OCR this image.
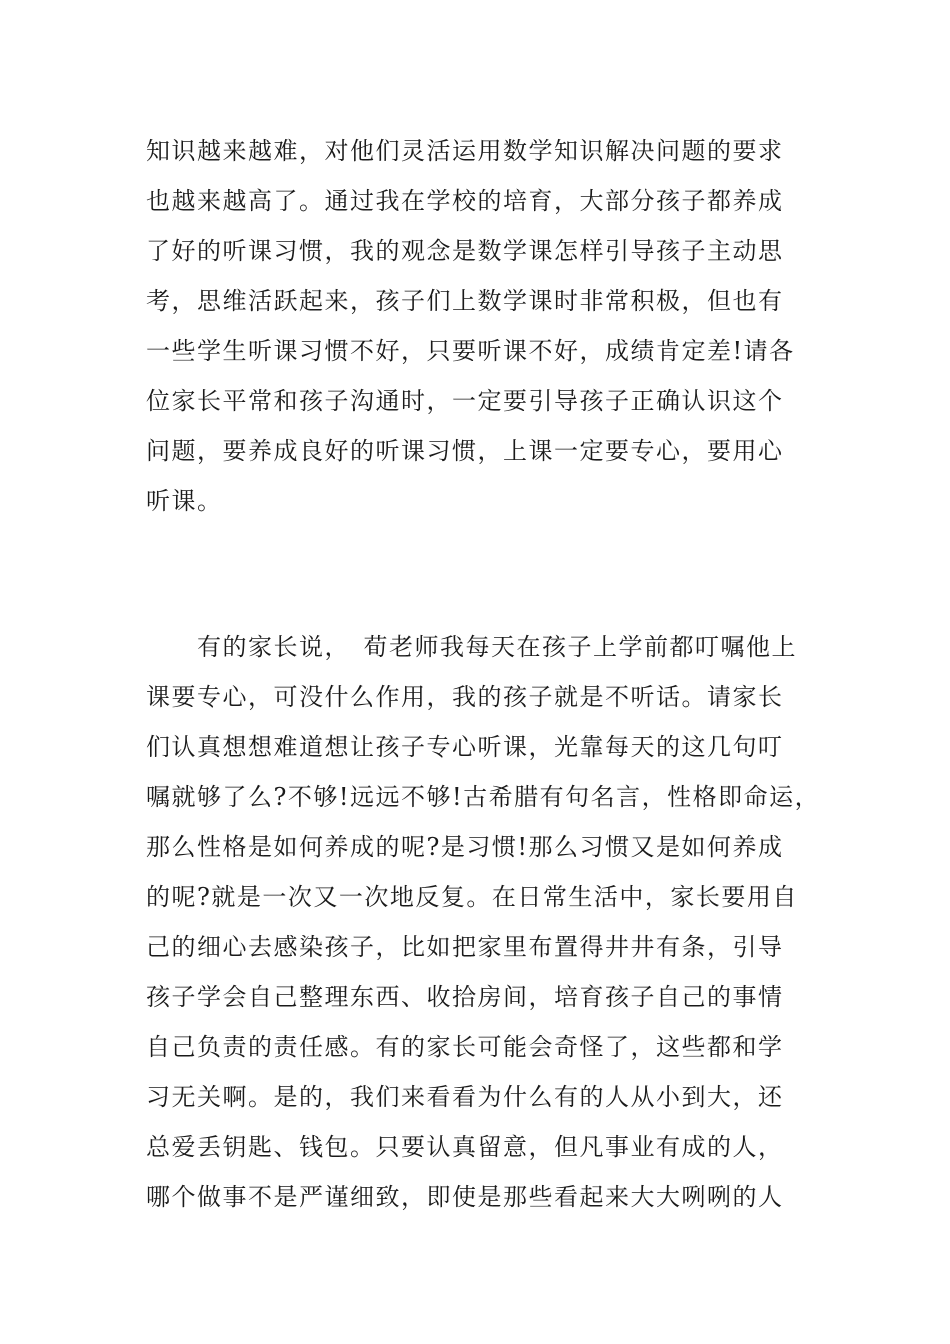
知识越来越难，对他们灵活运用数学知识解决问题的要求
也越来越高了。通过我在学校的培育，大部分孩子都养成
了好的听课习惯，我的观念是数学课怎样引导孩子主动思
考，思维活跃起来，孩子们上数学课时非常积极，但也有
一些学生听课习惯不好，只要听课不好，成绩肯定差!请各
位家长平常和孩子沟通时，一定要引导孩子正确认识这个
问题，要养成良好的听课习惯，上课一定要专心，要用心
听课。
　　有的家长说，　荀老师我每天在孩子上学前都叮嘱他上
课要专心，可没什么作用，我的孩子就是不听话。请家长
们认真想想难道想让孩子专心听课，光靠每天的这几句叮
嘱就够了么?不够!远远不够!古希腊有句名言，性格即命运，
那么性格是如何养成的呢?是习惯!那么习惯又是如何养成
的呢?就是一次又一次地反复。在日常生活中，家长要用自
己的细心去感染孩子，比如把家里布置得井井有条，引导
孩子学会自己整理东西、收拾房间，培育孩子自己的事情
自己负责的责任感。有的家长可能会奇怪了，这些都和学
习无关啊。是的，我们来看看为什么有的人从小到大，还
总爱丢钥匙、钱包。只要认真留意，但凡事业有成的人，
哪个做事不是严谨细致，即使是那些看起来大大咧咧的人
